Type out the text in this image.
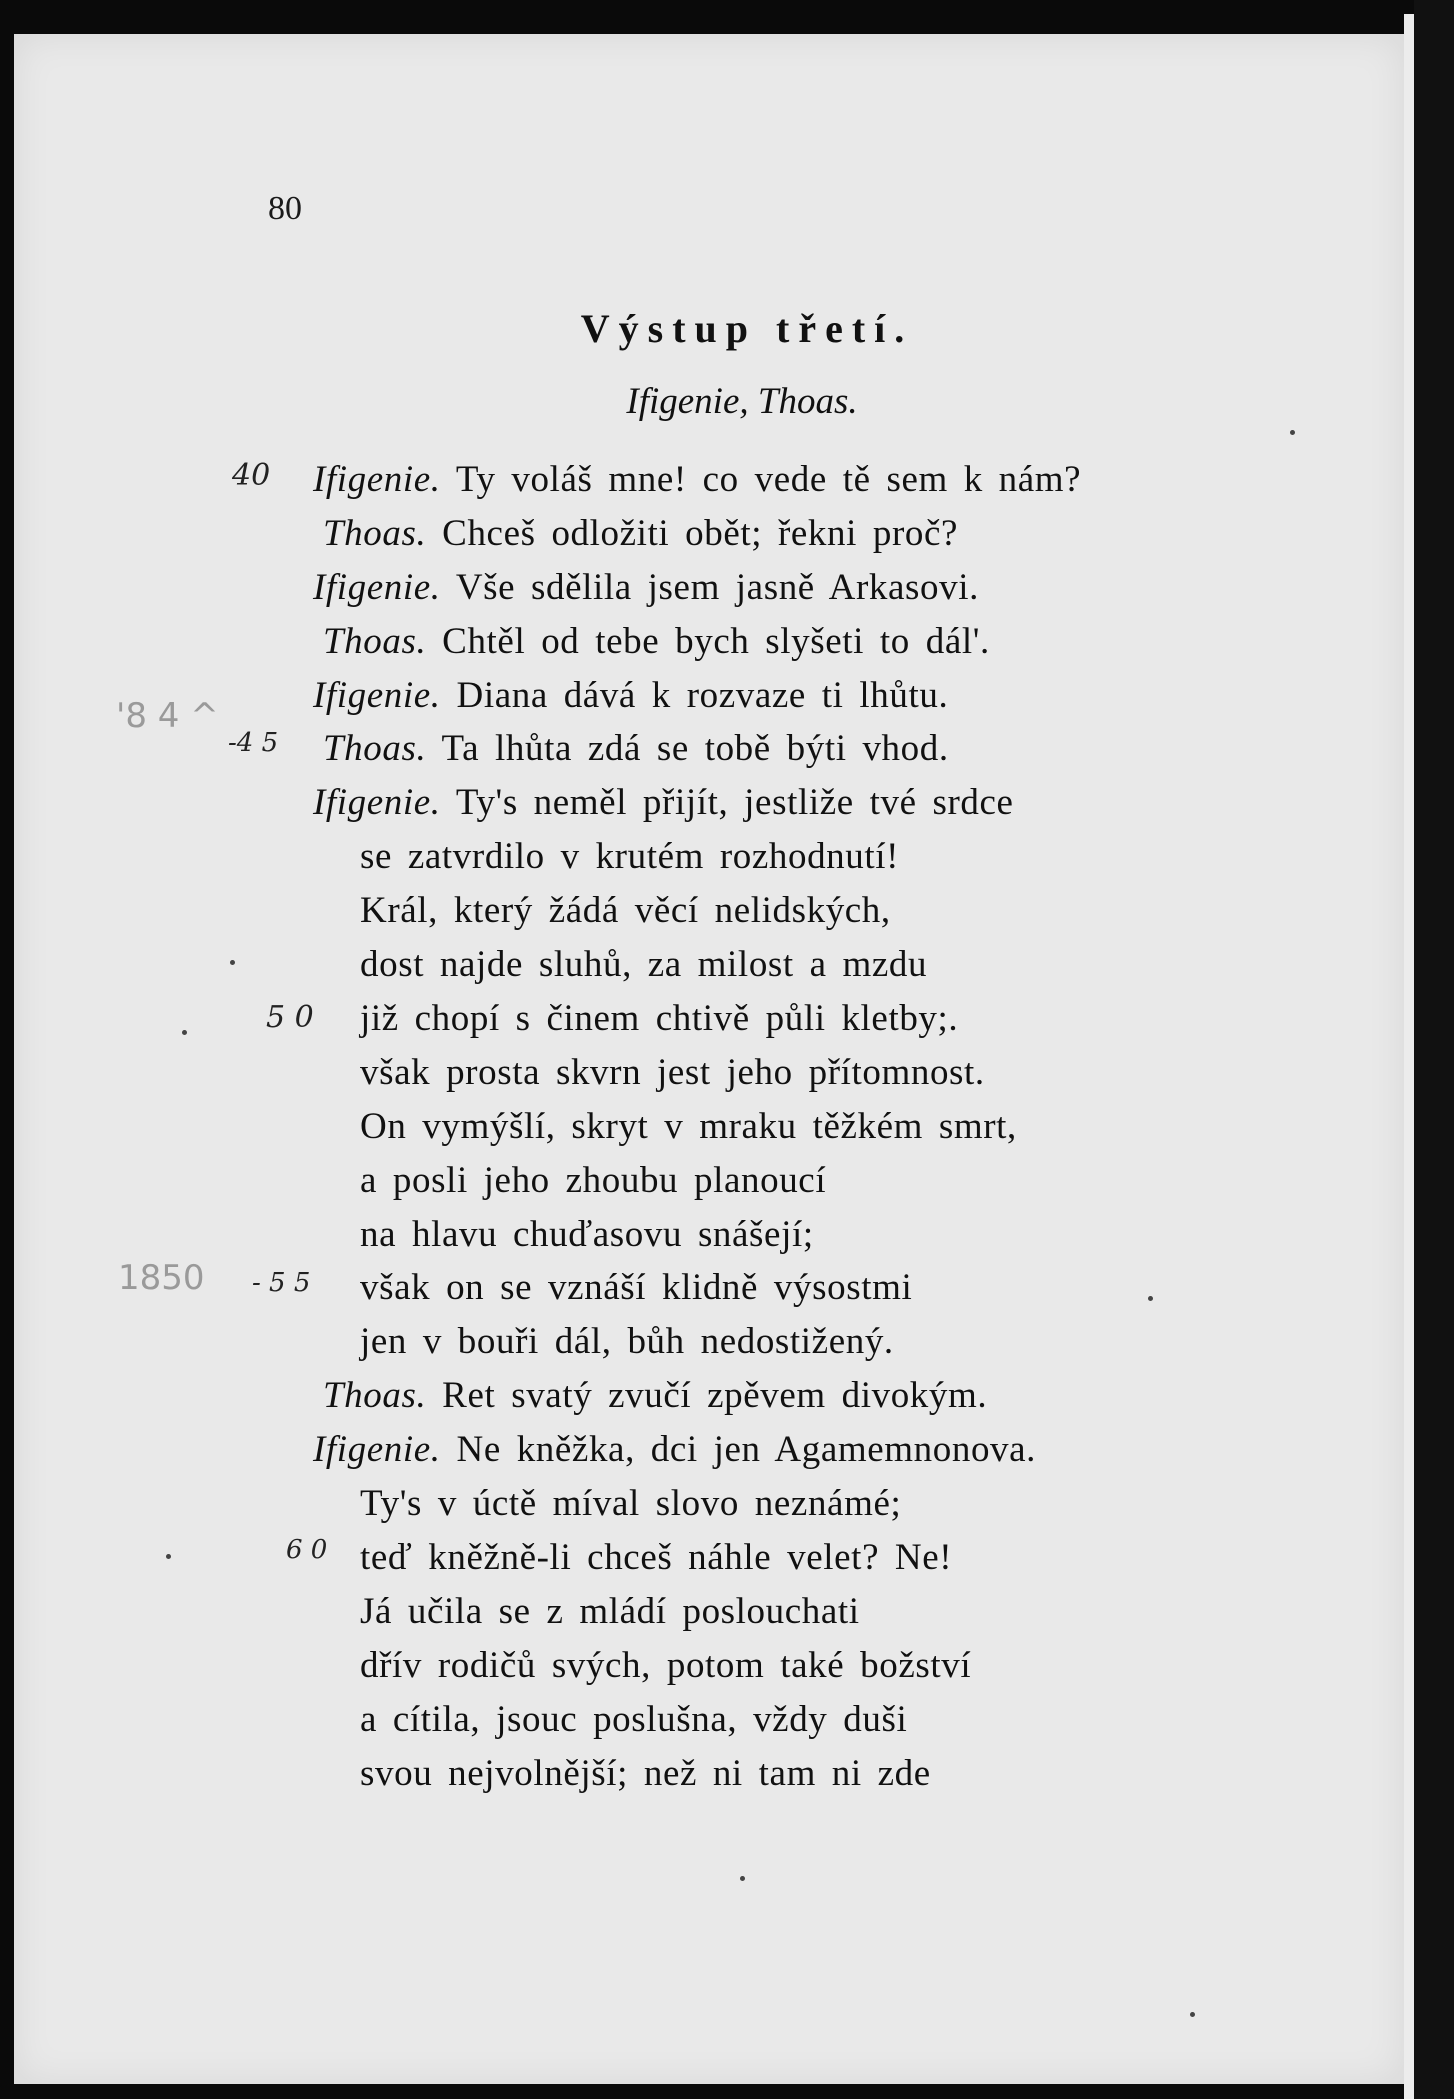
80
Výstup třetí.
Ifigenie, Thoas.
40
-4 5
5 0
- 5 5
6 0
'8 4 ^
1850
Ifigenie. Ty voláš mne! co vede tě sem k nám?
Thoas. Chceš odložiti obět; řekni proč?
Ifigenie. Vše sdělila jsem jasně Arkasovi.
Thoas. Chtěl od tebe bych slyšeti to dál'.
Ifigenie. Diana dává k rozvaze ti lhůtu.
Thoas. Ta lhůta zdá se tobě býti vhod.
Ifigenie. Ty's neměl přijít, jestliže tvé srdce
se zatvrdilo v krutém rozhodnutí!
Král, který žádá věcí nelidských,
dost najde sluhů, za milost a mzdu
již chopí s činem chtivě půli kletby;.
však prosta skvrn jest jeho přítomnost.
On vymýšlí, skryt v mraku těžkém smrt,
a posli jeho zhoubu planoucí
na hlavu chuďasovu snášejí;
však on se vznáší klidně výsostmi
jen v bouři dál, bůh nedostižený.
Thoas. Ret svatý zvučí zpěvem divokým.
Ifigenie. Ne kněžka, dci jen Agamemnonova.
Ty's v úctě míval slovo neznámé;
teď kněžně-li chceš náhle velet? Ne!
Já učila se z mládí poslouchati
dřív rodičů svých, potom také božství
a cítila, jsouc poslušna, vždy duši
svou nejvolnější; než ni tam ni zde
